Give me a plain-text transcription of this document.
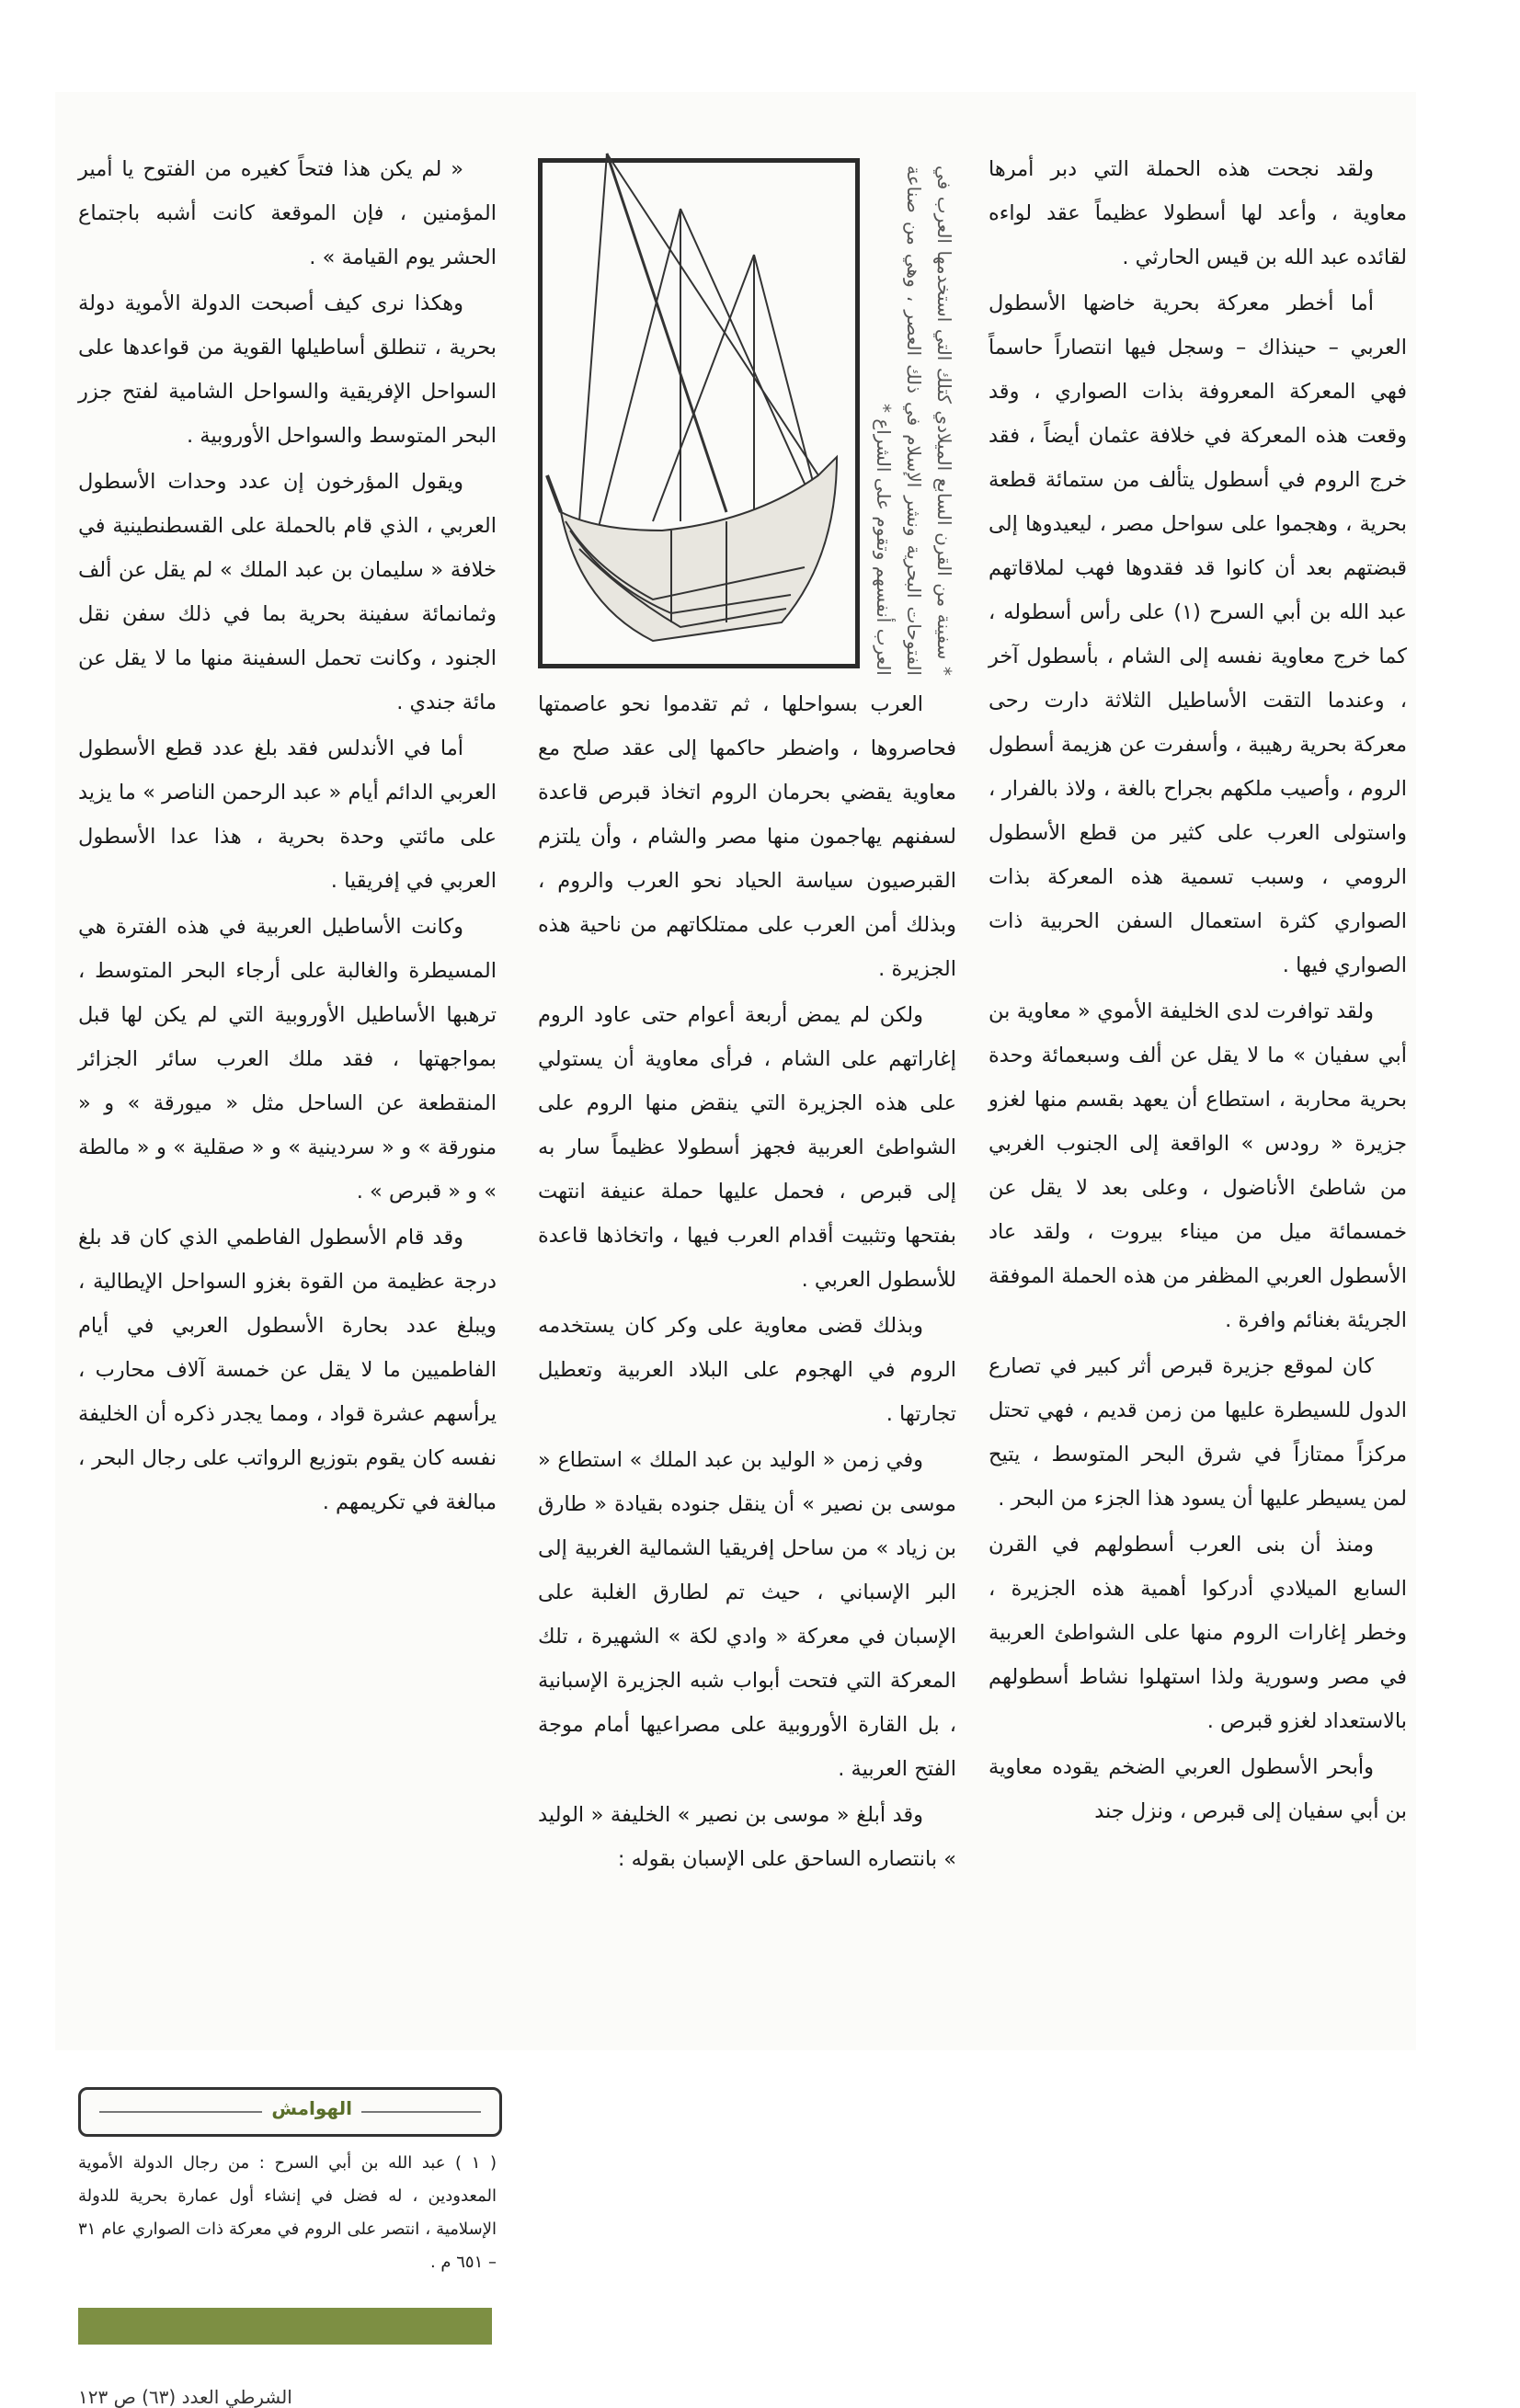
ولقد نجحت هذه الحملة التي دبر أمرها معاوية ، وأعد لها أسطولا عظيماً عقد لواءه لقائده عبد الله بن قيس الحارثي .

أما أخطر معركة بحرية خاضها الأسطول العربي – حينذاك – وسجل فيها انتصاراً حاسماً فهي المعركة المعروفة بذات الصواري ، وقد وقعت هذه المعركة في خلافة عثمان أيضاً ، فقد خرج الروم في أسطول يتألف من ستمائة قطعة بحرية ، وهجموا على سواحل مصر ، ليعيدوها إلى قبضتهم بعد أن كانوا قد فقدوها فهب لملاقاتهم عبد الله بن أبي السرح (١) على رأس أسطوله ، كما خرج معاوية نفسه إلى الشام ، بأسطول آخر ، وعندما التقت الأساطيل الثلاثة دارت رحى معركة بحرية رهيبة ، وأسفرت عن هزيمة أسطول الروم ، وأصيب ملكهم بجراح بالغة ، ولاذ بالفرار ، واستولى العرب على كثير من قطع الأسطول الرومي ، وسبب تسمية هذه المعركة بذات الصواري كثرة استعمال السفن الحربية ذات الصواري فيها .

ولقد توافرت لدى الخليفة الأموي « معاوية بن أبي سفيان » ما لا يقل عن ألف وسبعمائة وحدة بحرية محاربة ، استطاع أن يعهد بقسم منها لغزو جزيرة « رودس » الواقعة إلى الجنوب الغربي من شاطئ الأناضول ، وعلى بعد لا يقل عن خمسمائة ميل من ميناء بيروت ، ولقد عاد الأسطول العربي المظفر من هذه الحملة الموفقة الجريئة بغنائم وافرة .

كان لموقع جزيرة قبرص أثر كبير في تصارع الدول للسيطرة عليها من زمن قديم ، فهي تحتل مركزاً ممتازاً في شرق البحر المتوسط ، يتيح لمن يسيطر عليها أن يسود هذا الجزء من البحر .

ومنذ أن بنى العرب أسطولهم في القرن السابع الميلادي أدركوا أهمية هذه الجزيرة ، وخطر إغارات الروم منها على الشواطئ العربية في مصر وسورية ولذا استهلوا نشاط أسطولهم بالاستعداد لغزو قبرص .

وأبحر الأسطول العربي الضخم يقوده معاوية بن أبي سفيان إلى قبرص ، ونزل جند

* سفينة من القرن السابع الميلادي كتلك التي استخدمها العرب في الفتوحات البحرية ونشر الإسلام في ذلك العصر ، وهي من صناعة العرب أنفسهم وتقوم على الشراع *

العرب بسواحلها ، ثم تقدموا نحو عاصمتها فحاصروها ، واضطر حاكمها إلى عقد صلح مع معاوية يقضي بحرمان الروم اتخاذ قبرص قاعدة لسفنهم يهاجمون منها مصر والشام ، وأن يلتزم القبرصيون سياسة الحياد نحو العرب والروم ، وبذلك أمن العرب على ممتلكاتهم من ناحية هذه الجزيرة .

ولكن لم يمض أربعة أعوام حتى عاود الروم إغاراتهم على الشام ، فرأى معاوية أن يستولي على هذه الجزيرة التي ينقض منها الروم على الشواطئ العربية فجهز أسطولا عظيماً سار به إلى قبرص ، فحمل عليها حملة عنيفة انتهت بفتحها وتثبيت أقدام العرب فيها ، واتخاذها قاعدة للأسطول العربي .

وبذلك قضى معاوية على وكر كان يستخدمه الروم في الهجوم على البلاد العربية وتعطيل تجارتها .

وفي زمن « الوليد بن عبد الملك » استطاع « موسى بن نصير » أن ينقل جنوده بقيادة « طارق بن زياد » من ساحل إفريقيا الشمالية الغربية إلى البر الإسباني ، حيث تم لطارق الغلبة على الإسبان في معركة « وادي لكة » الشهيرة ، تلك المعركة التي فتحت أبواب شبه الجزيرة الإسبانية ، بل القارة الأوروبية على مصراعيها أمام موجة الفتح العربية .

وقد أبلغ « موسى بن نصير » الخليفة « الوليد » بانتصاره الساحق على الإسبان بقوله :

« لم يكن هذا فتحاً كغيره من الفتوح يا أمير المؤمنين ، فإن الموقعة كانت أشبه باجتماع الحشر يوم القيامة » .

وهكذا نرى كيف أصبحت الدولة الأموية دولة بحرية ، تنطلق أساطيلها القوية من قواعدها على السواحل الإفريقية والسواحل الشامية لفتح جزر البحر المتوسط والسواحل الأوروبية .

ويقول المؤرخون إن عدد وحدات الأسطول العربي ، الذي قام بالحملة على القسطنطينية في خلافة « سليمان بن عبد الملك » لم يقل عن ألف وثمانمائة سفينة بحرية بما في ذلك سفن نقل الجنود ، وكانت تحمل السفينة منها ما لا يقل عن مائة جندي .

أما في الأندلس فقد بلغ عدد قطع الأسطول العربي الدائم أيام « عبد الرحمن الناصر » ما يزيد على مائتي وحدة بحرية ، هذا عدا الأسطول العربي في إفريقيا .

وكانت الأساطيل العربية في هذه الفترة هي المسيطرة والغالبة على أرجاء البحر المتوسط ، ترهبها الأساطيل الأوروبية التي لم يكن لها قبل بمواجهتها ، فقد ملك العرب سائر الجزائر المنقطعة عن الساحل مثل « ميورقة » و « منورقة » و « سردينية » و « صقلية » و « مالطة » و « قبرص » .

وقد قام الأسطول الفاطمي الذي كان قد بلغ درجة عظيمة من القوة بغزو السواحل الإيطالية ، ويبلغ عدد بحارة الأسطول العربي في أيام الفاطميين ما لا يقل عن خمسة آلاف محارب ، يرأسهم عشرة قواد ، ومما يجدر ذكره أن الخليفة نفسه كان يقوم بتوزيع الرواتب على رجال البحر ، مبالغة في تكريمهم .

الهوامش
( ١ ) عبد الله بن أبي السرح : من رجال الدولة الأموية المعدودين ، له فضل في إنشاء أول عمارة بحرية للدولة الإسلامية ، انتصر على الروم في معركة ذات الصواري عام ٣١ – ٦٥١ م .
الشرطي العدد (٦٣) ص ١٢٣
